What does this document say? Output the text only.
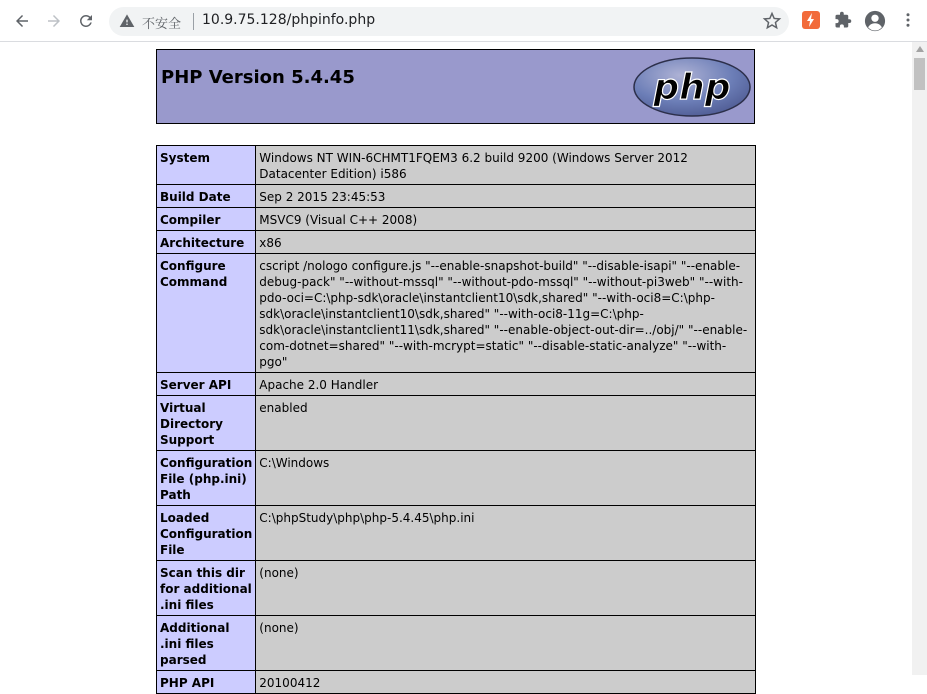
不安全 10.9.75.128/phpinfo.php
PHP Version 5.4.45	php
System	Windows NT WIN-6CHMT1FQEM3 6.2 build 9200 (Windows Server 2012 Datacenter Edition) i586
Build Date	Sep 2 2015 23:45:53
Compiler	MSVC9 (Visual C++ 2008)
Architecture	x86
Configure Command	cscript /nologo configure.js "--enable-snapshot-build" "--disable-isapi" "--enable-debug-pack" "--without-mssql" "--without-pdo-mssql" "--without-pi3web" "--with-pdo-oci=C:\php-sdk\oracle\instantclient10\sdk,shared" "--with-oci8=C:\php-sdk\oracle\instantclient10\sdk,shared" "--with-oci8-11g=C:\php-sdk\oracle\instantclient11\sdk,shared" "--enable-object-out-dir=../obj/" "--enable-com-dotnet=shared" "--with-mcrypt=static" "--disable-static-analyze" "--with-pgo"
Server API	Apache 2.0 Handler
Virtual Directory Support	enabled
Configuration File (php.ini) Path	C:\Windows
Loaded Configuration File	C:\phpStudy\php\php-5.4.45\php.ini
Scan this dir for additional .ini files	(none)
Additional .ini files parsed	(none)
PHP API	20100412
